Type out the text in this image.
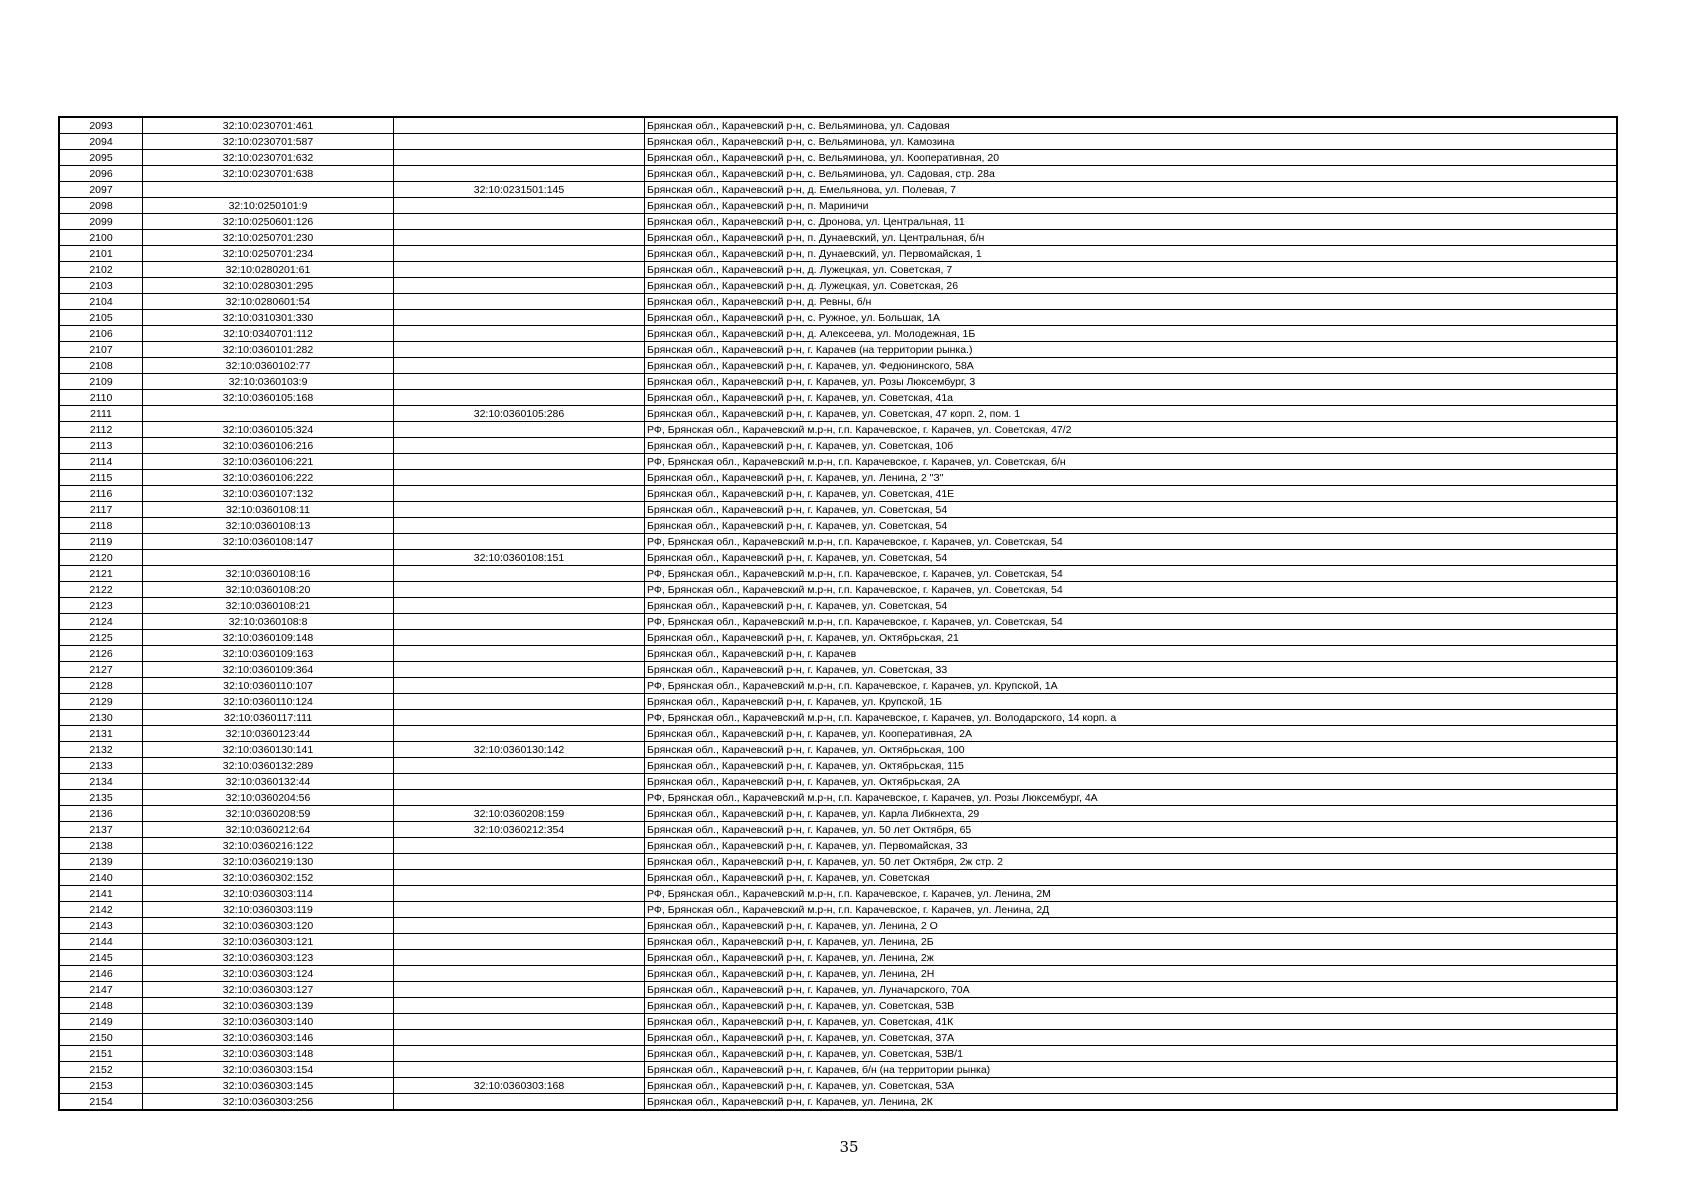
2093	32:10:0230701:461		Брянская обл., Карачевский р-н, с. Вельяминова, ул. Садовая
2094	32:10:0230701:587		Брянская обл., Карачевский р-н, с. Вельяминова, ул. Камозина
2095	32:10:0230701:632		Брянская обл., Карачевский р-н, с. Вельяминова, ул. Кооперативная, 20
2096	32:10:0230701:638		Брянская обл., Карачевский р-н, с. Вельяминова, ул. Садовая, стр. 28а
2097		32:10:0231501:145	Брянская обл., Карачевский р-н, д. Емельянова, ул. Полевая, 7
2098	32:10:0250101:9		Брянская обл., Карачевский р-н, п. Мариничи
2099	32:10:0250601:126		Брянская обл., Карачевский р-н, с. Дронова, ул. Центральная, 11
2100	32:10:0250701:230		Брянская обл., Карачевский р-н, п. Дунаевский, ул. Центральная, б/н
2101	32:10:0250701:234		Брянская обл., Карачевский р-н, п. Дунаевский, ул. Первомайская, 1
2102	32:10:0280201:61		Брянская обл., Карачевский р-н, д. Лужецкая, ул. Советская, 7
2103	32:10:0280301:295		Брянская обл., Карачевский р-н, д. Лужецкая, ул. Советская, 26
2104	32:10:0280601:54		Брянская обл., Карачевский р-н, д. Ревны, б/н
2105	32:10:0310301:330		Брянская обл., Карачевский р-н, с. Ружное, ул. Большак, 1А
2106	32:10:0340701:112		Брянская обл., Карачевский р-н, д. Алексеева, ул. Молодежная, 1Б
2107	32:10:0360101:282		Брянская обл., Карачевский р-н, г. Карачев (на территории рынка.)
2108	32:10:0360102:77		Брянская обл., Карачевский р-н, г. Карачев, ул. Федюнинского, 58А
2109	32:10:0360103:9		Брянская обл., Карачевский р-н, г. Карачев, ул. Розы Люксембург, 3
2110	32:10:0360105:168		Брянская обл., Карачевский р-н, г. Карачев, ул. Советская, 41а
2111		32:10:0360105:286	Брянская обл., Карачевский р-н, г. Карачев, ул. Советская, 47 корп. 2, пом. 1
2112	32:10:0360105:324		РФ, Брянская обл., Карачевский м.р-н, г.п. Карачевское, г. Карачев, ул. Советская, 47/2
2113	32:10:0360106:216		Брянская обл., Карачевский р-н, г. Карачев, ул. Советская, 10б
2114	32:10:0360106:221		РФ, Брянская обл., Карачевский м.р-н, г.п. Карачевское, г. Карачев, ул. Советская, б/н
2115	32:10:0360106:222		Брянская обл., Карачевский р-н, г. Карачев, ул. Ленина, 2 "З"
2116	32:10:0360107:132		Брянская обл., Карачевский р-н, г. Карачев, ул. Советская, 41Е
2117	32:10:0360108:11		Брянская обл., Карачевский р-н, г. Карачев, ул. Советская, 54
2118	32:10:0360108:13		Брянская обл., Карачевский р-н, г. Карачев, ул. Советская, 54
2119	32:10:0360108:147		РФ, Брянская обл., Карачевский м.р-н, г.п. Карачевское, г. Карачев, ул. Советская, 54
2120		32:10:0360108:151	Брянская обл., Карачевский р-н, г. Карачев, ул. Советская, 54
2121	32:10:0360108:16		РФ, Брянская обл., Карачевский м.р-н, г.п. Карачевское, г. Карачев, ул. Советская, 54
2122	32:10:0360108:20		РФ, Брянская обл., Карачевский м.р-н, г.п. Карачевское, г. Карачев, ул. Советская, 54
2123	32:10:0360108:21		Брянская обл., Карачевский р-н, г. Карачев, ул. Советская, 54
2124	32:10:0360108:8		РФ, Брянская обл., Карачевский м.р-н, г.п. Карачевское, г. Карачев, ул. Советская, 54
2125	32:10:0360109:148		Брянская обл., Карачевский р-н, г. Карачев, ул. Октябрьская, 21
2126	32:10:0360109:163		Брянская обл., Карачевский р-н, г. Карачев
2127	32:10:0360109:364		Брянская обл., Карачевский р-н, г. Карачев, ул. Советская, 33
2128	32:10:0360110:107		РФ, Брянская обл., Карачевский м.р-н, г.п. Карачевское, г. Карачев, ул. Крупской, 1А
2129	32:10:0360110:124		Брянская обл., Карачевский р-н, г. Карачев, ул. Крупской, 1Б
2130	32:10:0360117:111		РФ, Брянская обл., Карачевский м.р-н, г.п. Карачевское, г. Карачев, ул. Володарского, 14 корп. а
2131	32:10:0360123:44		Брянская обл., Карачевский р-н, г. Карачев, ул. Кооперативная, 2А
2132	32:10:0360130:141	32:10:0360130:142	Брянская обл., Карачевский р-н, г. Карачев, ул. Октябрьская, 100
2133	32:10:0360132:289		Брянская обл., Карачевский р-н, г. Карачев, ул. Октябрьская, 115
2134	32:10:0360132:44		Брянская обл., Карачевский р-н, г. Карачев, ул. Октябрьская, 2А
2135	32:10:0360204:56		РФ, Брянская обл., Карачевский м.р-н, г.п. Карачевское, г. Карачев, ул. Розы Люксембург, 4А
2136	32:10:0360208:59	32:10:0360208:159	Брянская обл., Карачевский р-н, г. Карачев, ул. Карла Либкнехта, 29
2137	32:10:0360212:64	32:10:0360212:354	Брянская обл., Карачевский р-н, г. Карачев, ул. 50 лет Октября, 65
2138	32:10:0360216:122		Брянская обл., Карачевский р-н, г. Карачев, ул. Первомайская, 33
2139	32:10:0360219:130		Брянская обл., Карачевский р-н, г. Карачев, ул. 50 лет Октября, 2ж стр. 2
2140	32:10:0360302:152		Брянская обл., Карачевский р-н, г. Карачев, ул. Советская
2141	32:10:0360303:114		РФ, Брянская обл., Карачевский м.р-н, г.п. Карачевское, г. Карачев, ул. Ленина, 2М
2142	32:10:0360303:119		РФ, Брянская обл., Карачевский м.р-н, г.п. Карачевское, г. Карачев, ул. Ленина, 2Д
2143	32:10:0360303:120		Брянская обл., Карачевский р-н, г. Карачев, ул. Ленина, 2 О
2144	32:10:0360303:121		Брянская обл., Карачевский р-н, г. Карачев, ул. Ленина, 2Б
2145	32:10:0360303:123		Брянская обл., Карачевский р-н, г. Карачев, ул. Ленина, 2ж
2146	32:10:0360303:124		Брянская обл., Карачевский р-н, г. Карачев, ул. Ленина, 2Н
2147	32:10:0360303:127		Брянская обл., Карачевский р-н, г. Карачев, ул. Луначарского, 70А
2148	32:10:0360303:139		Брянская обл., Карачевский р-н, г. Карачев, ул. Советская, 53В
2149	32:10:0360303:140		Брянская обл., Карачевский р-н, г. Карачев, ул. Советская, 41К
2150	32:10:0360303:146		Брянская обл., Карачевский р-н, г. Карачев, ул. Советская, 37А
2151	32:10:0360303:148		Брянская обл., Карачевский р-н, г. Карачев, ул. Советская, 53В/1
2152	32:10:0360303:154		Брянская обл., Карачевский р-н, г. Карачев, б/н (на территории рынка)
2153	32:10:0360303:145	32:10:0360303:168	Брянская обл., Карачевский р-н, г. Карачев, ул. Советская, 53А
2154	32:10:0360303:256		Брянская обл., Карачевский р-н, г. Карачев, ул. Ленина, 2К
35
